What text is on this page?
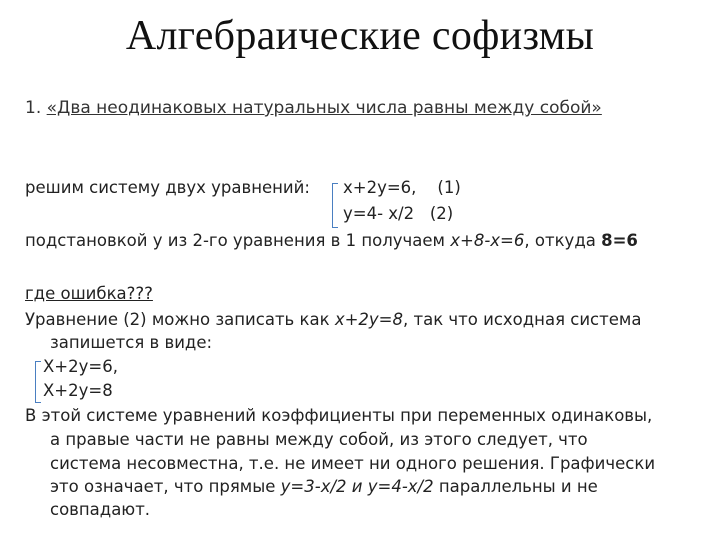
Алгебраические софизмы
1. «Два неодинаковых натуральных числа равны между собой»
решим систему двух уравнений: x+2y=6,    (1)
y=4- x/2   (2)
подстановкой у из 2-го уравнения в 1 получаем x+8-x=6, откуда 8=6
где ошибка???
Уравнение (2) можно записать как x+2y=8, так что исходная система
запишется в виде:
X+2y=6,
X+2y=8
В этой системе уравнений коэффициенты при переменных одинаковы,
а правые части не равны между собой, из этого следует, что
система несовместна, т.е. не имеет ни одного решения. Графически
это означает, что прямые y=3-x/2 и y=4-x/2 параллельны и не
совпадают.
